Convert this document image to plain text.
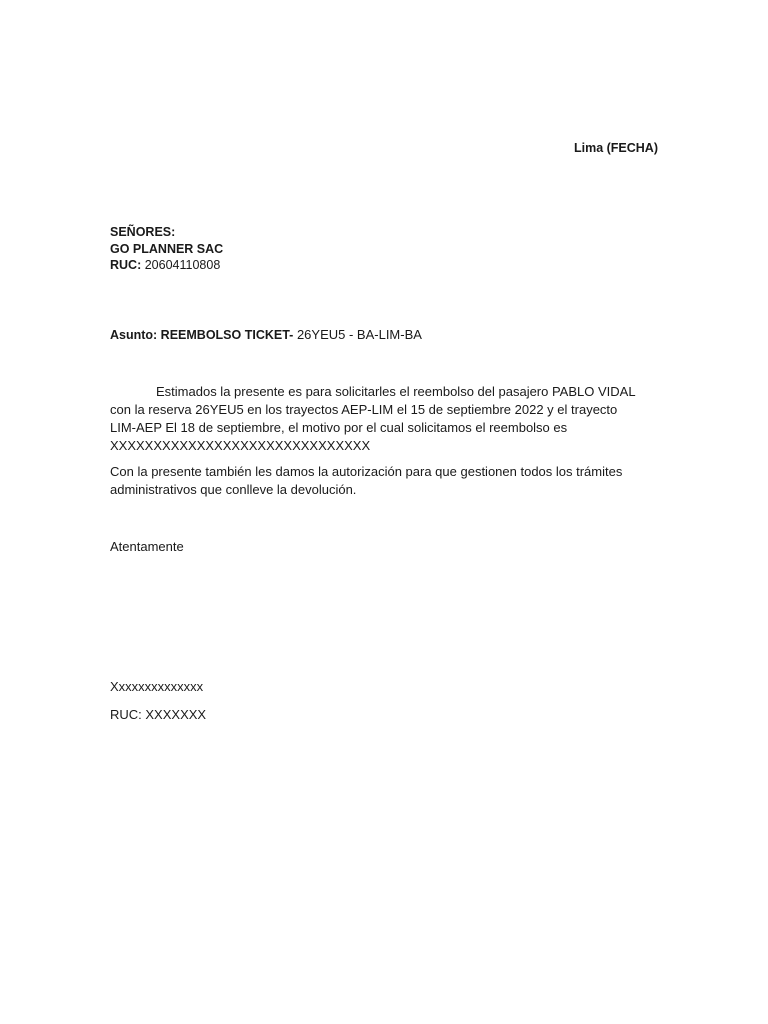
Lima (FECHA)
SEÑORES:
GO PLANNER SAC
RUC: 20604110808
Asunto: REEMBOLSO TICKET- 26YEU5 - BA-LIM-BA

Estimados la presente es para solicitarles el reembolso del pasajero PABLO VIDAL
con la reserva 26YEU5 en los trayectos AEP-LIM el 15 de septiembre 2022 y el trayecto
LIM-AEP El 18 de septiembre, el motivo por el cual solicitamos el reembolso es
XXXXXXXXXXXXXXXXXXXXXXXXXXXXXX

Con la presente también les damos la autorización para que gestionen todos los trámites
administrativos que conlleve la devolución.

Atentamente
Xxxxxxxxxxxxxx
RUC: XXXXXXX
